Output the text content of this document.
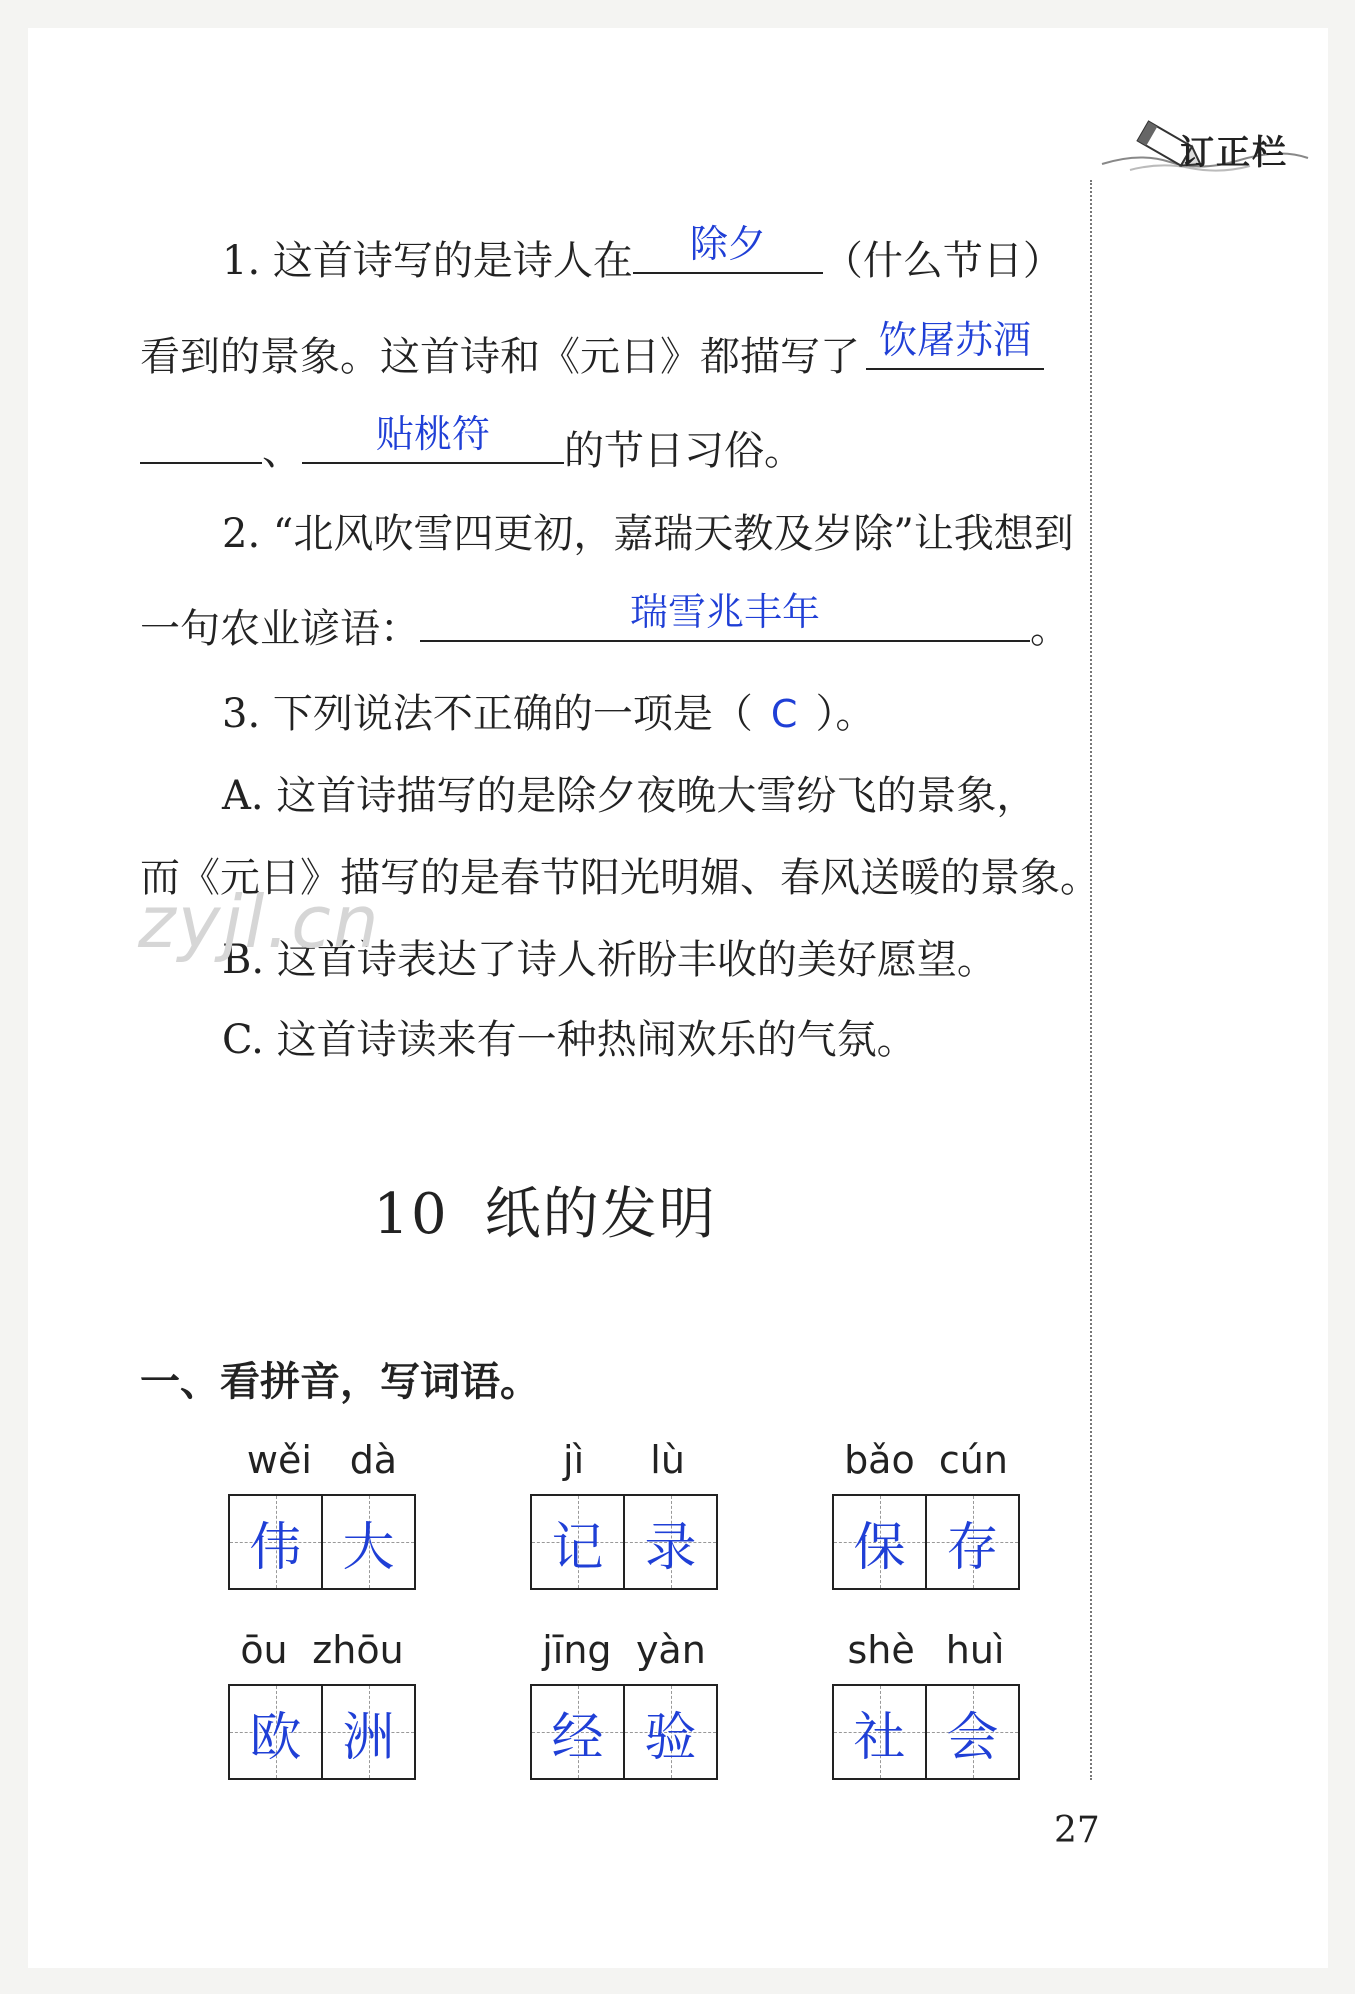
订正栏
1. 这首诗写的是诗人在	除夕	（什么节日）
看到的景象。这首诗和《元日》都描写了 饮屠苏酒
、	贴桃符	的节日习俗。
2. “北风吹雪四更初，嘉瑞天教及岁除”让我想到
一句农业谚语：	瑞雪兆丰年	。
3. 下列说法不正确的一项是（ C ）。
A. 这首诗描写的是除夕夜晚大雪纷飞的景象，
而《元日》描写的是春节阳光明媚、春风送暖的景象。
B. 这首诗表达了诗人祈盼丰收的美好愿望。
C. 这首诗读来有一种热闹欢乐的气氛。
zyjl.cn
10 纸的发明
一、看拼音，写词语。
wěi dà
伟 大
jì lù
记 录
bǎo cún
保 存
ōu zhōu
欧 洲
jīng yàn
经 验
shè huì
社 会
27
